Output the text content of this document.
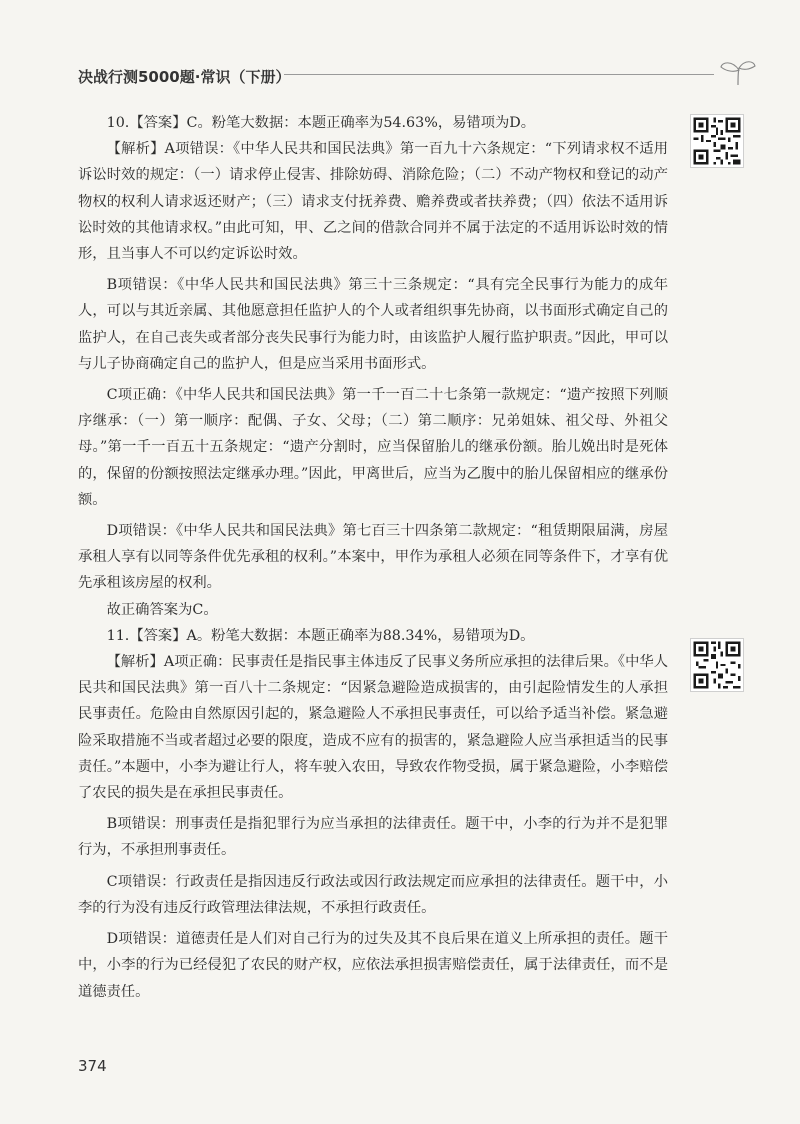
决战行测5000题·常识（下册）

10.【答案】C。粉笔大数据：本题正确率为54.63%，易错项为D。

【解析】A项错误：《中华人民共和国民法典》第一百九十六条规定：“下列请求权不适用诉讼时效的规定：（一）请求停止侵害、排除妨碍、消除危险；（二）不动产物权和登记的动产物权的权利人请求返还财产；（三）请求支付抚养费、赡养费或者扶养费；（四）依法不适用诉讼时效的其他请求权。”由此可知，甲、乙之间的借款合同并不属于法定的不适用诉讼时效的情形，且当事人不可以约定诉讼时效。

B项错误：《中华人民共和国民法典》第三十三条规定：“具有完全民事行为能力的成年人，可以与其近亲属、其他愿意担任监护人的个人或者组织事先协商，以书面形式确定自己的监护人，在自己丧失或者部分丧失民事行为能力时，由该监护人履行监护职责。”因此，甲可以与儿子协商确定自己的监护人，但是应当采用书面形式。

C项正确：《中华人民共和国民法典》第一千一百二十七条第一款规定：“遗产按照下列顺序继承：（一）第一顺序：配偶、子女、父母；（二）第二顺序：兄弟姐妹、祖父母、外祖父母。”第一千一百五十五条规定：“遗产分割时，应当保留胎儿的继承份额。胎儿娩出时是死体的，保留的份额按照法定继承办理。”因此，甲离世后，应当为乙腹中的胎儿保留相应的继承份额。

D项错误：《中华人民共和国民法典》第七百三十四条第二款规定：“租赁期限届满，房屋承租人享有以同等条件优先承租的权利。”本案中，甲作为承租人必须在同等条件下，才享有优先承租该房屋的权利。

故正确答案为C。

11.【答案】A。粉笔大数据：本题正确率为88.34%，易错项为D。

【解析】A项正确：民事责任是指民事主体违反了民事义务所应承担的法律后果。《中华人民共和国民法典》第一百八十二条规定：“因紧急避险造成损害的，由引起险情发生的人承担民事责任。危险由自然原因引起的，紧急避险人不承担民事责任，可以给予适当补偿。紧急避险采取措施不当或者超过必要的限度，造成不应有的损害的，紧急避险人应当承担适当的民事责任。”本题中，小李为避让行人，将车驶入农田，导致农作物受损，属于紧急避险，小李赔偿了农民的损失是在承担民事责任。

B项错误：刑事责任是指犯罪行为应当承担的法律责任。题干中，小李的行为并不是犯罪行为，不承担刑事责任。

C项错误：行政责任是指因违反行政法或因行政法规定而应承担的法律责任。题干中，小李的行为没有违反行政管理法律法规，不承担行政责任。

D项错误：道德责任是人们对自己行为的过失及其不良后果在道义上所承担的责任。题干中，小李的行为已经侵犯了农民的财产权，应依法承担损害赔偿责任，属于法律责任，而不是道德责任。

374
